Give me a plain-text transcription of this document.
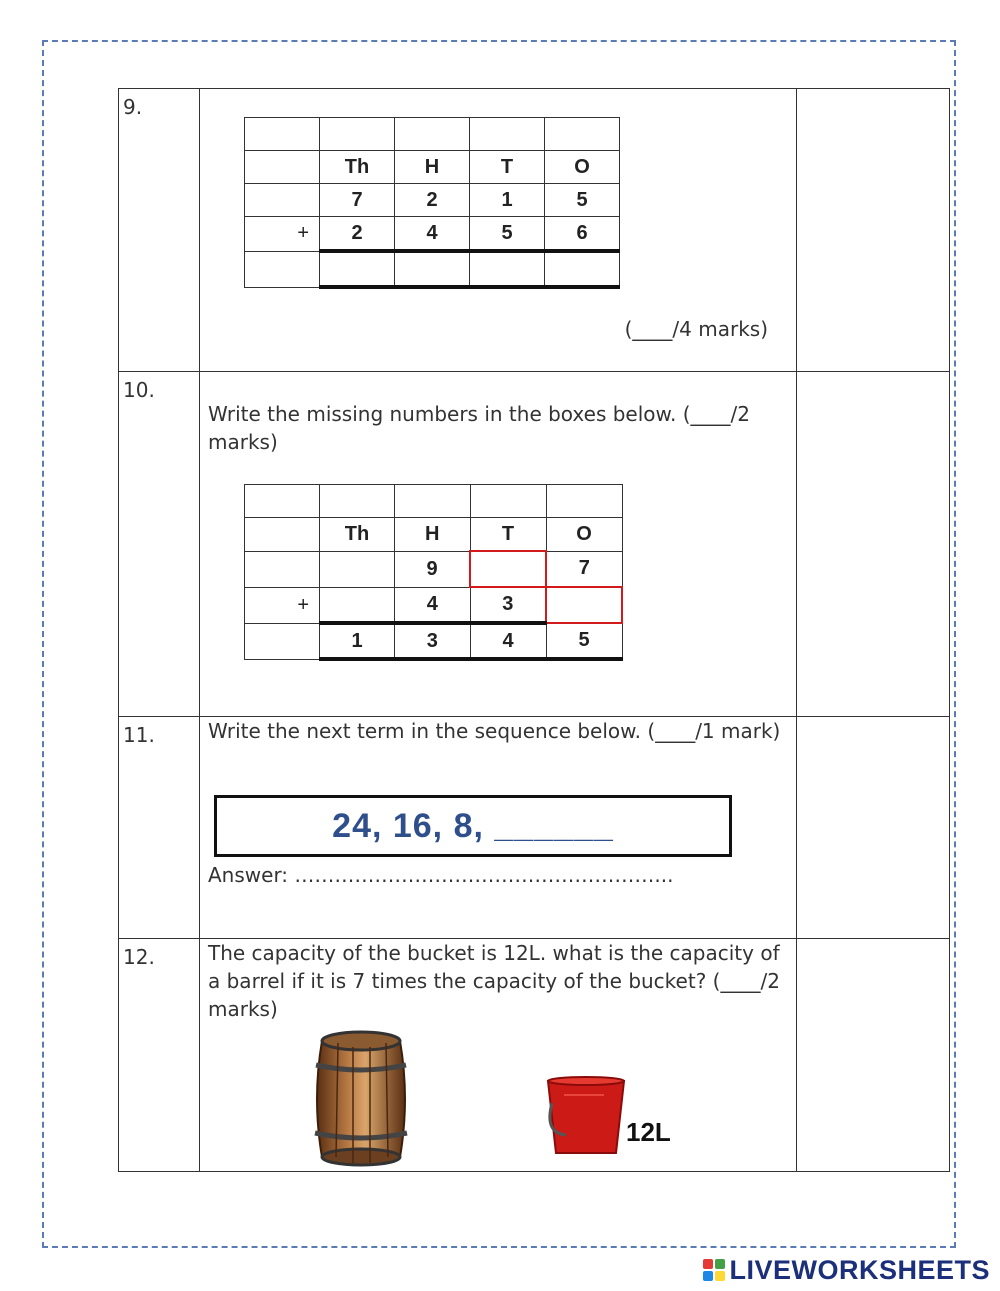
9.	

	Th	H	T	O
	7	2	1	5
+	2	4	5	6

(____/4 marks)

10.	
Write the missing numbers in the boxes below. (____/2 marks)

	Th	H	T	O
		9		7
+		4	3	
	1	3	4	5

11.	Write the next term in the sequence below. (____/1 mark)
24, 16, 8, ______
Answer: ………………………………………………...

12.	The capacity of the bucket is 12L. what is the capacity of a barrel if it is 7 times the capacity of the bucket? (____/2 marks)
12L

LIVEWORKSHEETS
